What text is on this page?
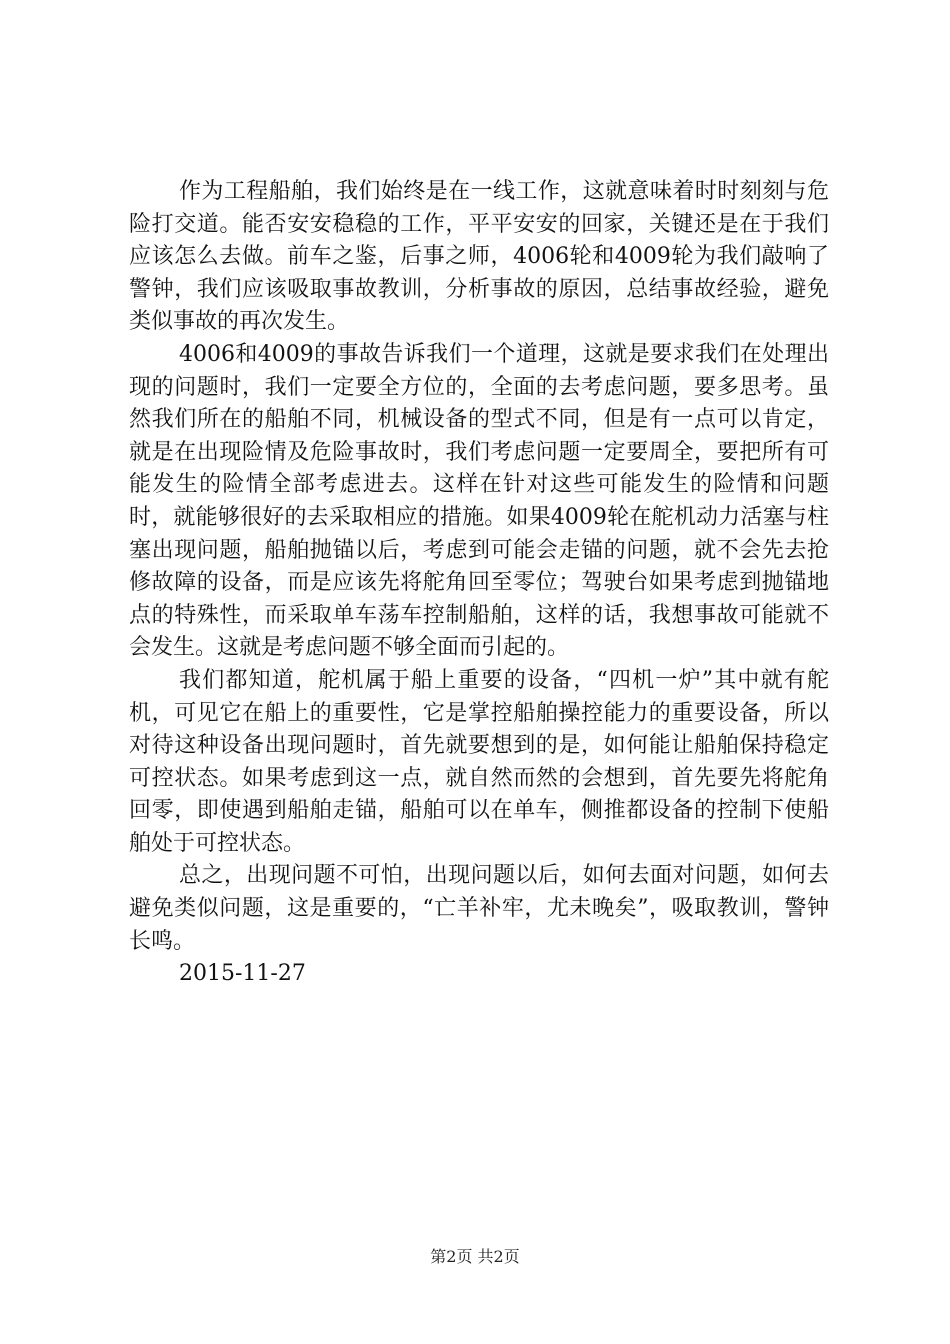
作为工程船舶，我们始终是在一线工作，这就意味着时时刻刻与危险打交道。能否安安稳稳的工作，平平安安的回家，关键还是在于我们应该怎么去做。前车之鉴，后事之师，4006轮和4009轮为我们敲响了警钟，我们应该吸取事故教训，分析事故的原因，总结事故经验，避免类似事故的再次发生。

4006和4009的事故告诉我们一个道理，这就是要求我们在处理出现的问题时，我们一定要全方位的，全面的去考虑问题，要多思考。虽然我们所在的船舶不同，机械设备的型式不同，但是有一点可以肯定，就是在出现险情及危险事故时，我们考虑问题一定要周全，要把所有可能发生的险情全部考虑进去。这样在针对这些可能发生的险情和问题时，就能够很好的去采取相应的措施。如果4009轮在舵机动力活塞与柱塞出现问题，船舶抛锚以后，考虑到可能会走锚的问题，就不会先去抢修故障的设备，而是应该先将舵角回至零位；驾驶台如果考虑到抛锚地点的特殊性，而采取单车荡车控制船舶，这样的话，我想事故可能就不会发生。这就是考虑问题不够全面而引起的。

我们都知道，舵机属于船上重要的设备，“四机一炉”其中就有舵机，可见它在船上的重要性，它是掌控船舶操控能力的重要设备，所以对待这种设备出现问题时，首先就要想到的是，如何能让船舶保持稳定可控状态。如果考虑到这一点，就自然而然的会想到，首先要先将舵角回零，即使遇到船舶走锚，船舶可以在单车，侧推都设备的控制下使船舶处于可控状态。

总之，出现问题不可怕，出现问题以后，如何去面对问题，如何去避免类似问题，这是重要的，“亡羊补牢，尤未晚矣”，吸取教训，警钟长鸣。

2015-11-27

第2页 共2页
